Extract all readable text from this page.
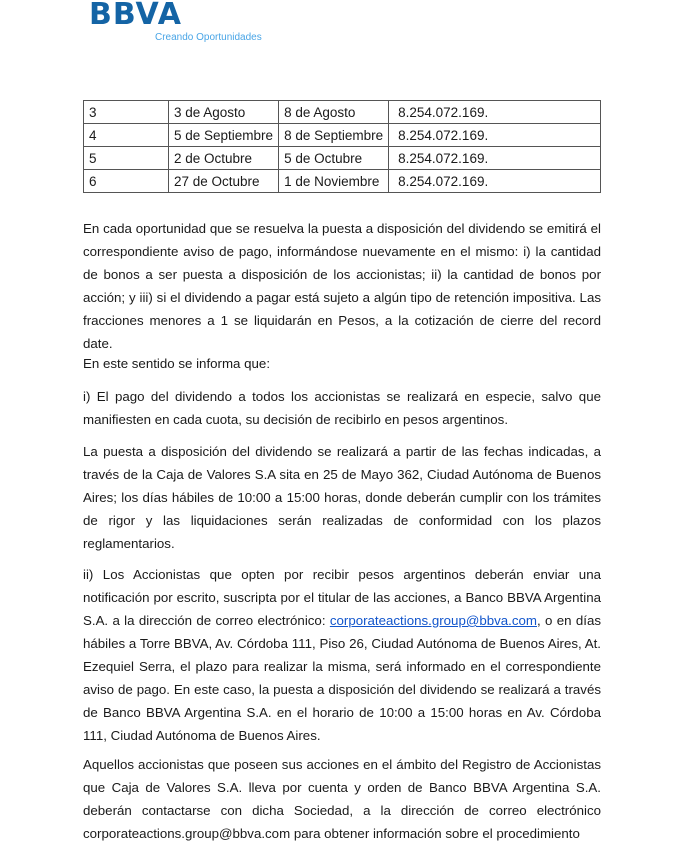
BBVA
Creando Oportunidades
3	3 de Agosto	8 de Agosto	8.254.072.169.
4	5 de Septiembre	8 de Septiembre	8.254.072.169.
5	2 de Octubre	5 de Octubre	8.254.072.169.
6	27 de Octubre	1 de Noviembre	8.254.072.169.

En cada oportunidad que se resuelva la puesta a disposición del dividendo se emitirá el correspondiente aviso de pago, informándose nuevamente en el mismo: i) la cantidad de bonos a ser puesta a disposición de los accionistas; ii) la cantidad de bonos por acción; y iii) si el dividendo a pagar está sujeto a algún tipo de retención impositiva. Las fracciones menores a 1 se liquidarán en Pesos, a la cotización de cierre del record date.

En este sentido se informa que:

i) El pago del dividendo a todos los accionistas se realizará en especie, salvo que manifiesten en cada cuota, su decisión de recibirlo en pesos argentinos.

La puesta a disposición del dividendo se realizará a partir de las fechas indicadas, a través de la Caja de Valores S.A sita en 25 de Mayo 362, Ciudad Autónoma de Buenos Aires; los días hábiles de 10:00 a 15:00 horas, donde deberán cumplir con los trámites de rigor y las liquidaciones serán realizadas de conformidad con los plazos reglamentarios.

ii) Los Accionistas que opten por recibir pesos argentinos deberán enviar una notificación por escrito, suscripta por el titular de las acciones, a Banco BBVA Argentina S.A. a la dirección de correo electrónico: corporateactions.group@bbva.com, o en días hábiles a Torre BBVA, Av. Córdoba 111, Piso 26, Ciudad Autónoma de Buenos Aires, At. Ezequiel Serra, el plazo para realizar la misma, será informado en el correspondiente aviso de pago. En este caso, la puesta a disposición del dividendo se realizará a través de Banco BBVA Argentina S.A. en el horario de 10:00 a 15:00 horas en Av. Córdoba 111, Ciudad Autónoma de Buenos Aires.

Aquellos accionistas que poseen sus acciones en el ámbito del Registro de Accionistas que Caja de Valores S.A. lleva por cuenta y orden de Banco BBVA Argentina S.A. deberán contactarse con dicha Sociedad, a la dirección de correo electrónico corporateactions.group@bbva.com para obtener información sobre el procedimiento
